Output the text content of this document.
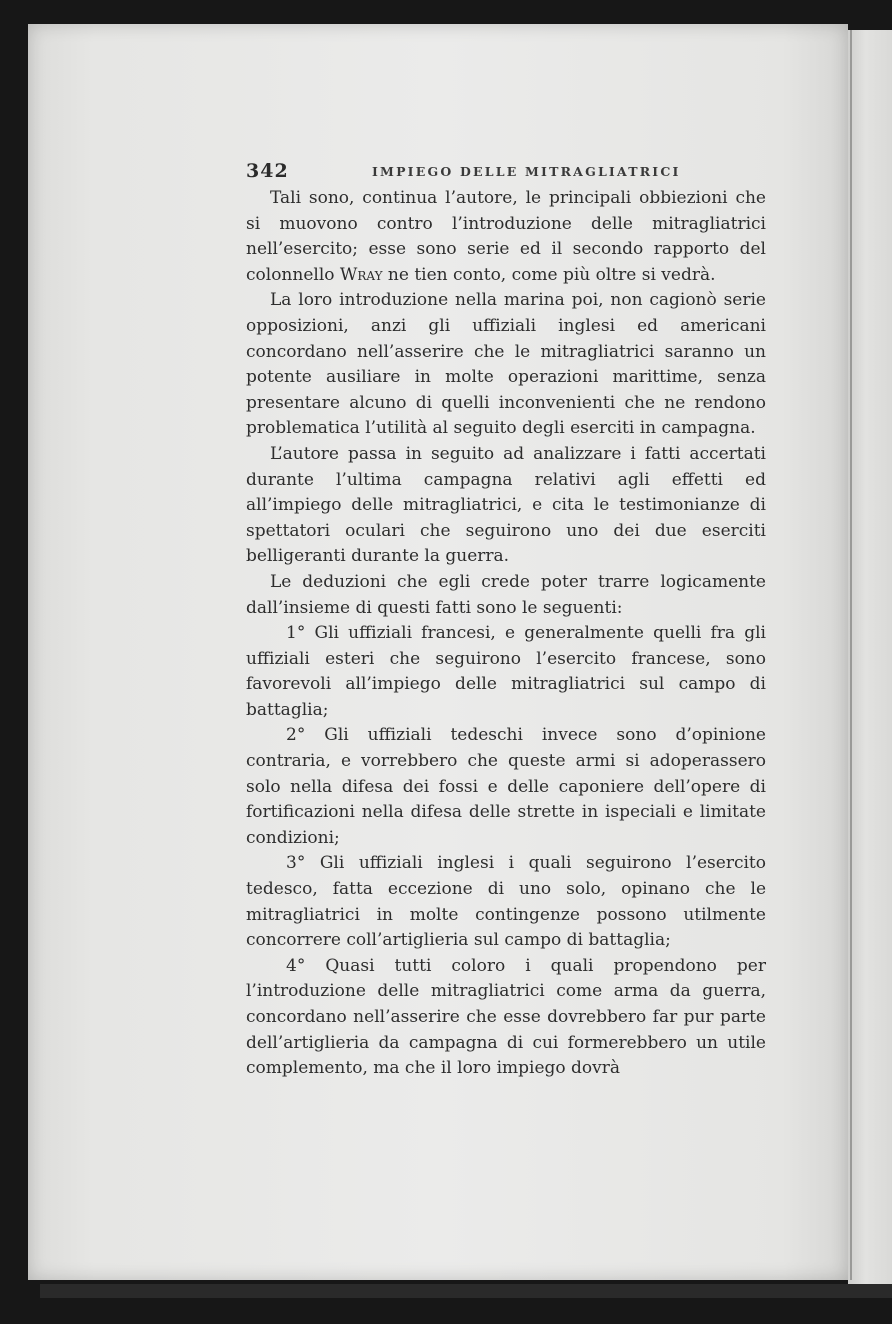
342	IMPIEGO DELLE MITRAGLIATRICI

Tali sono, continua l’autore, le principali obbiezioni che si muovono contro l’introduzione delle mitragliatrici nell’esercito; esse sono serie ed il secondo rapporto del colonnello Wray ne tien conto, come più oltre si vedrà.

La loro introduzione nella marina poi, non cagionò serie opposizioni, anzi gli uffiziali inglesi ed americani concordano nell’asserire che le mitragliatrici saranno un potente ausiliare in molte operazioni marittime, senza presentare alcuno di quelli inconvenienti che ne rendono problematica l’utilità al seguito degli eserciti in campagna.

L’autore passa in seguito ad analizzare i fatti accertati durante l’ultima campagna relativi agli effetti ed all’impiego delle mitragliatrici, e cita le testimonianze di spettatori oculari che seguirono uno dei due eserciti belligeranti durante la guerra.

Le deduzioni che egli crede poter trarre logicamente dall’insieme di questi fatti sono le seguenti:

1° Gli uffiziali francesi, e generalmente quelli fra gli uffiziali esteri che seguirono l’esercito francese, sono favorevoli all’impiego delle mitragliatrici sul campo di battaglia;

2° Gli uffiziali tedeschi invece sono d’opinione contraria, e vorrebbero che queste armi si adoperassero solo nella difesa dei fossi e delle caponiere dell’opere di fortificazioni nella difesa delle strette in ispeciali e limitate condizioni;

3° Gli uffiziali inglesi i quali seguirono l’esercito tedesco, fatta eccezione di uno solo, opinano che le mitragliatrici in molte contingenze possono utilmente concorrere coll’artiglieria sul campo di battaglia;

4° Quasi tutti coloro i quali propendono per l’introduzione delle mitragliatrici come arma da guerra, concordano nell’asserire che esse dovrebbero far pur parte dell’artiglieria da campagna di cui formerebbero un utile complemento, ma che il loro impiego dovrà
